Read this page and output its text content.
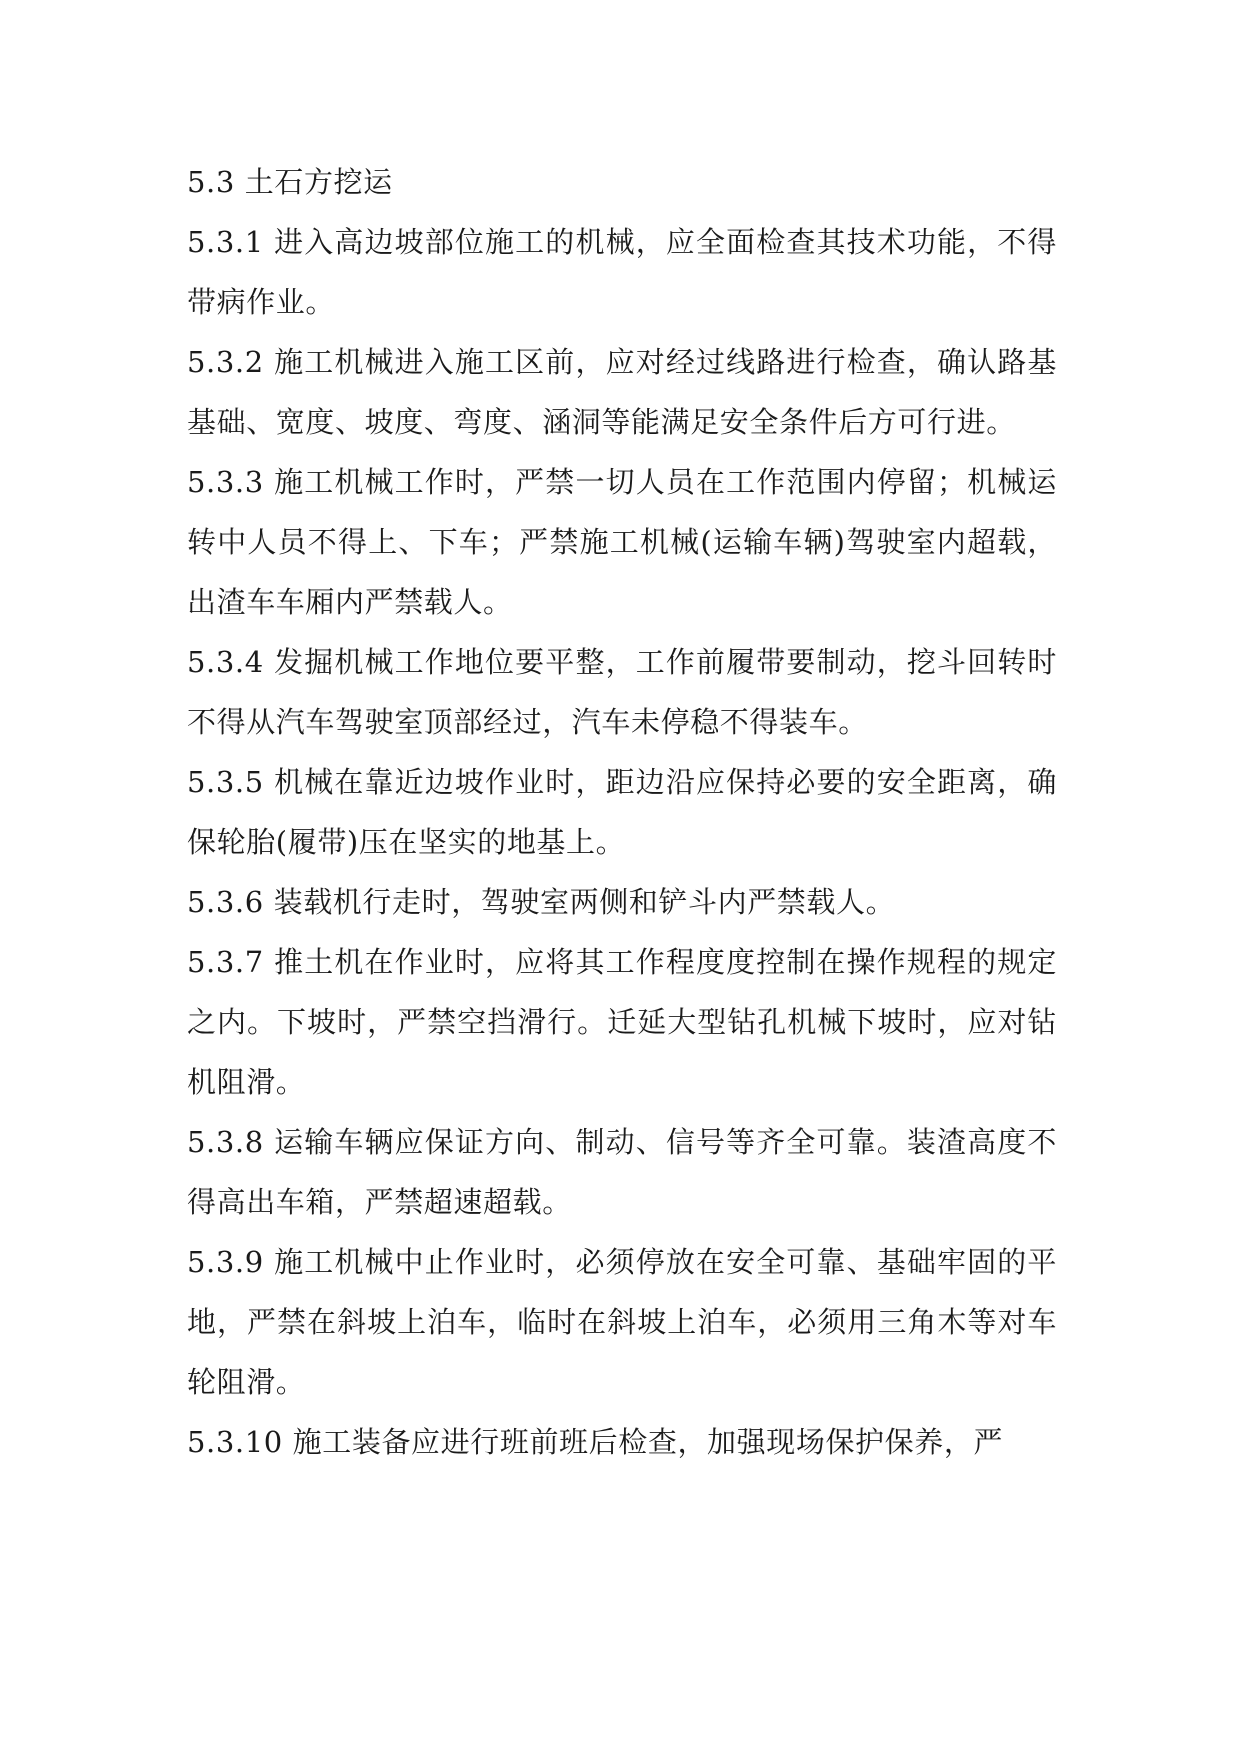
5.3 土石方挖运

5.3.1 进入高边坡部位施工的机械，应全面检查其技术功能，不得带病作业。

5.3.2 施工机械进入施工区前，应对经过线路进行检查，确认路基基础、宽度、坡度、弯度、涵洞等能满足安全条件后方可行进。

5.3.3 施工机械工作时，严禁一切人员在工作范围内停留；机械运转中人员不得上、下车；严禁施工机械(运输车辆)驾驶室内超载，出渣车车厢内严禁载人。

5.3.4 发掘机械工作地位要平整，工作前履带要制动，挖斗回转时不得从汽车驾驶室顶部经过，汽车未停稳不得装车。

5.3.5 机械在靠近边坡作业时，距边沿应保持必要的安全距离，确保轮胎(履带)压在坚实的地基上。

5.3.6 装载机行走时，驾驶室两侧和铲斗内严禁载人。

5.3.7 推土机在作业时，应将其工作程度度控制在操作规程的规定之内。下坡时，严禁空挡滑行。迁延大型钻孔机械下坡时，应对钻机阻滑。

5.3.8 运输车辆应保证方向、制动、信号等齐全可靠。装渣高度不得高出车箱，严禁超速超载。

5.3.9 施工机械中止作业时，必须停放在安全可靠、基础牢固的平地，严禁在斜坡上泊车，临时在斜坡上泊车，必须用三角木等对车轮阻滑。

5.3.10 施工装备应进行班前班后检查，加强现场保护保养，严
